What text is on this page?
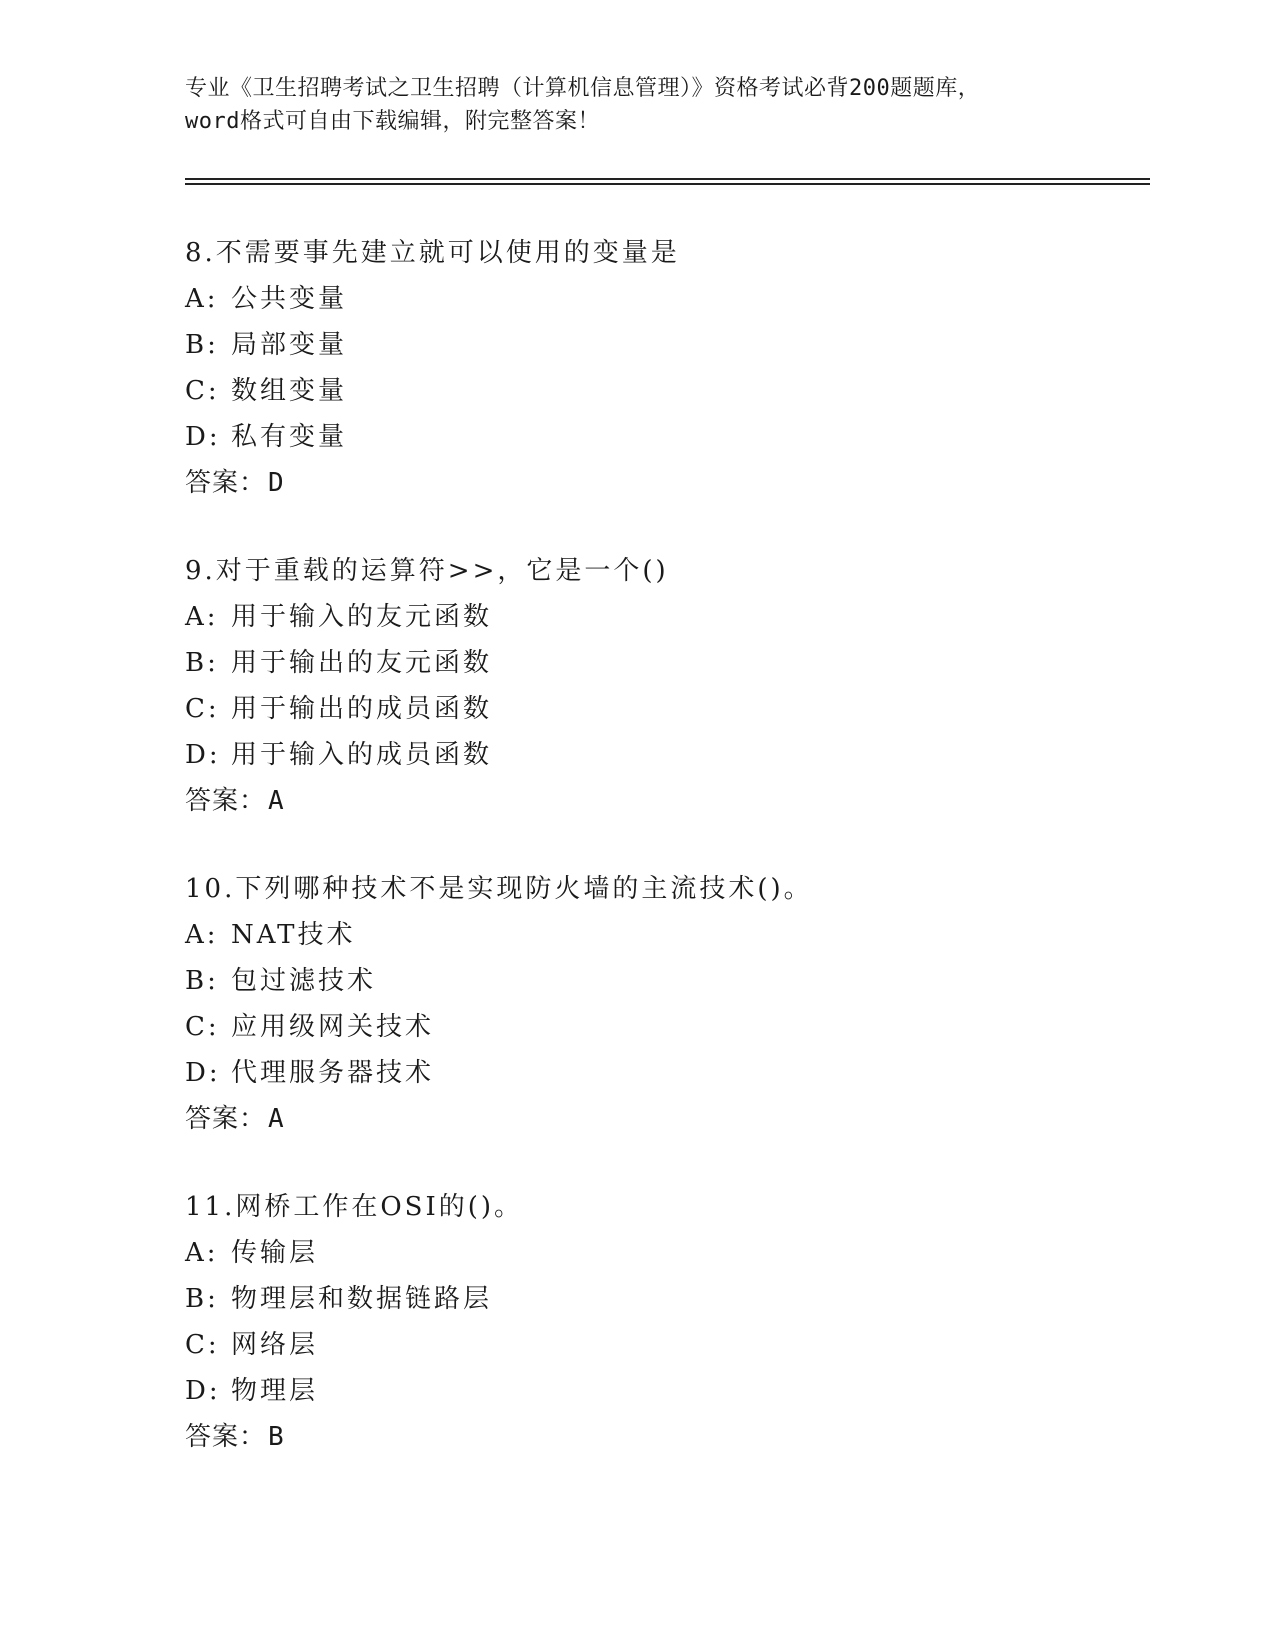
专业《卫生招聘考试之卫生招聘（计算机信息管理）》资格考试必背200题题库，
word格式可自由下载编辑，附完整答案！
8.不需要事先建立就可以使用的变量是
A: 公共变量
B: 局部变量
C: 数组变量
D: 私有变量
答案：D
9.对于重载的运算符>>，它是一个()
A: 用于输入的友元函数
B: 用于输出的友元函数
C: 用于输出的成员函数
D: 用于输入的成员函数
答案：A
10.下列哪种技术不是实现防火墙的主流技术()。
A: NAT技术
B: 包过滤技术
C: 应用级网关技术
D: 代理服务器技术
答案：A
11.网桥工作在OSI的()。
A: 传输层
B: 物理层和数据链路层
C: 网络层
D: 物理层
答案：B
